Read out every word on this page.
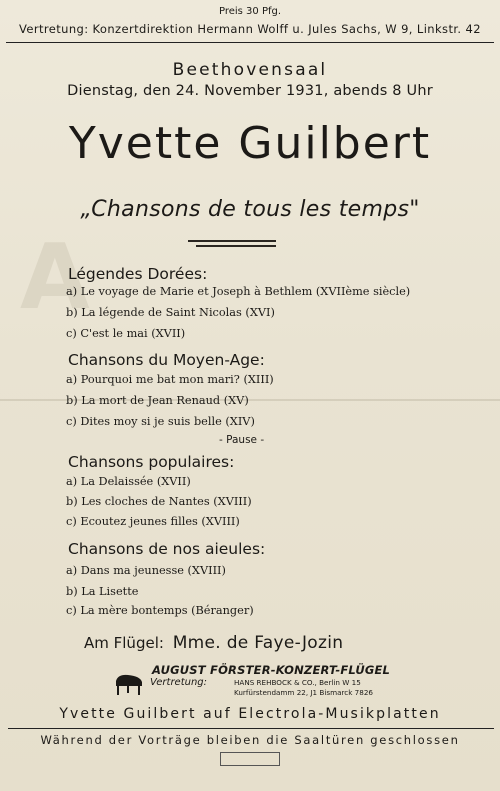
A
Preis 30 Pfg.
Vertretung: Konzertdirektion Hermann Wolff u. Jules Sachs, W 9, Linkstr. 42
Beethovensaal
Dienstag, den 24. November 1931, abends 8 Uhr
Yvette Guilbert
„Chansons de tous les temps"
Légendes Dorées:
a) Le voyage de Marie et Joseph à Bethlem (XVIIème siècle)
b) La légende de Saint Nicolas (XVI)
c) C'est le mai (XVII)
Chansons du Moyen-Age:
a) Pourquoi me bat mon mari? (XIII)
b) La mort de Jean Renaud (XV)
c) Dites moy si je suis belle (XIV)
- Pause -
Chansons populaires:
a) La Delaissée (XVII)
b) Les cloches de Nantes (XVIII)
c) Ecoutez jeunes filles (XVIII)
Chansons de nos aieules:
a) Dans ma jeunesse (XVIII)
b) La Lisette
c) La mère bontemps (Béranger)
Am Flügel: Mme. de Faye-Jozin
AUGUST FÖRSTER-KONZERT-FLÜGEL
Vertretung:	HANS REHBOCK & CO., Berlin W 15
Kurfürstendamm 22, J1 Bismarck 7826
Yvette Guilbert auf Electrola-Musikplatten
Während der Vorträge bleiben die Saaltüren geschlossen
